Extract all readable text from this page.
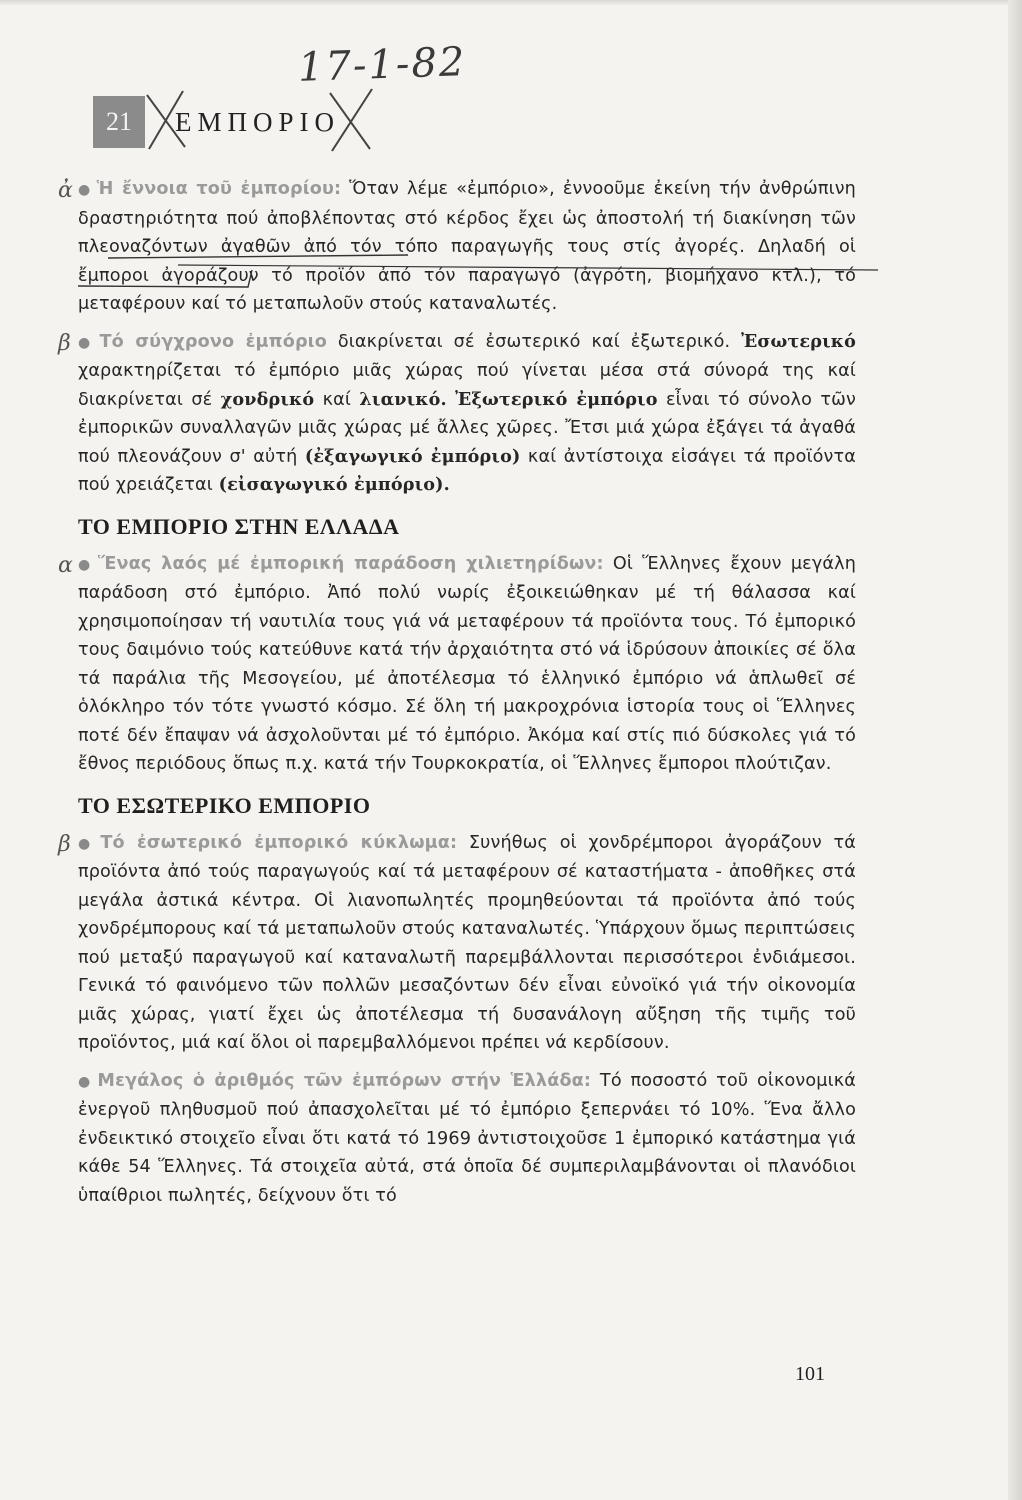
17-1-82
21	ΕΜΠΟΡΙΟ

ἀ ● Ἡ ἔννοια τοῦ ἐμπορίου: Ὅταν λέμε «ἐμπόριο», ἐννοοῦμε ἐκείνη τήν ἀνθρώπινη δραστηριότητα πού ἀποβλέποντας στό κέρδος ἔχει ὡς ἀποστολή τή διακίνηση τῶν πλεοναζόντων ἀγαθῶν ἀπό τόν τόπο παραγωγῆς τους στίς ἀγορές. Δηλαδή οἱ ἔμποροι ἀγοράζουν τό προϊόν ἀπό τόν παραγωγό (ἀγρότη, βιομήχανο κτλ.), τό μεταφέρουν καί τό μεταπωλοῦν στούς καταναλωτές.

β ● Τό σύγχρονο ἐμπόριο διακρίνεται σέ ἐσωτερικό καί ἐξωτερικό. Ἐσωτερικό χαρακτηρίζεται τό ἐμπόριο μιᾶς χώρας πού γίνεται μέσα στά σύνορά της καί διακρίνεται σέ χονδρικό καί λιανικό. Ἐξωτερικό ἐμπόριο εἶναι τό σύνολο τῶν ἐμπορικῶν συναλλαγῶν μιᾶς χώρας μέ ἄλλες χῶρες. Ἔτσι μιά χώρα ἐξάγει τά ἀγαθά πού πλεονάζουν σ' αὐτή (ἐξαγωγικό ἐμπόριο) καί ἀντίστοιχα εἰσάγει τά προϊόντα πού χρειάζεται (εἰσαγωγικό ἐμπόριο).

ΤΟ ΕΜΠΟΡΙΟ ΣΤΗΝ ΕΛΛΑΔΑ

α ● Ἕνας λαός μέ ἐμπορική παράδοση χιλιετηρίδων: Οἱ Ἕλληνες ἔχουν μεγάλη παράδοση στό ἐμπόριο. Ἀπό πολύ νωρίς ἐξοικειώθηκαν μέ τή θάλασσα καί χρησιμοποίησαν τή ναυτιλία τους γιά νά μεταφέρουν τά προϊόντα τους. Τό ἐμπορικό τους δαιμόνιο τούς κατεύθυνε κατά τήν ἀρχαιότητα στό νά ἱδρύσουν ἀποικίες σέ ὅλα τά παράλια τῆς Μεσογείου, μέ ἀποτέλεσμα τό ἑλληνικό ἐμπόριο νά ἁπλωθεῖ σέ ὁλόκληρο τόν τότε γνωστό κόσμο. Σέ ὅλη τή μακροχρόνια ἱστορία τους οἱ Ἕλληνες ποτέ δέν ἔπαψαν νά ἀσχολοῦνται μέ τό ἐμπόριο. Ἀκόμα καί στίς πιό δύσκολες γιά τό ἔθνος περιόδους ὅπως π.χ. κατά τήν Τουρκοκρατία, οἱ Ἕλληνες ἔμποροι πλούτιζαν.

ΤΟ ΕΣΩΤΕΡΙΚΟ ΕΜΠΟΡΙΟ

β ● Τό ἐσωτερικό ἐμπορικό κύκλωμα: Συνήθως οἱ χονδρέμποροι ἀγοράζουν τά προϊόντα ἀπό τούς παραγωγούς καί τά μεταφέρουν σέ καταστήματα - ἀποθῆκες στά μεγάλα ἀστικά κέντρα. Οἱ λιανοπωλητές προμηθεύονται τά προϊόντα ἀπό τούς χονδρέμπορους καί τά μεταπωλοῦν στούς καταναλωτές. Ὑπάρχουν ὅμως περιπτώσεις πού μεταξύ παραγωγοῦ καί καταναλωτῆ παρεμβάλλονται περισσότεροι ἐνδιάμεσοι. Γενικά τό φαινόμενο τῶν πολλῶν μεσαζόντων δέν εἶναι εὐνοϊκό γιά τήν οἰκονομία μιᾶς χώρας, γιατί ἔχει ὡς ἀποτέλεσμα τή δυσανάλογη αὔξηση τῆς τιμῆς τοῦ προϊόντος, μιά καί ὅλοι οἱ παρεμβαλλόμενοι πρέπει νά κερδίσουν.

● Μεγάλος ὁ ἀριθμός τῶν ἐμπόρων στήν Ἑλλάδα: Τό ποσοστό τοῦ οἰκονομικά ἐνεργοῦ πληθυσμοῦ πού ἀπασχολεῖται μέ τό ἐμπόριο ξεπερνάει τό 10%. Ἕνα ἄλλο ἐνδεικτικό στοιχεῖο εἶναι ὅτι κατά τό 1969 ἀντιστοιχοῦσε 1 ἐμπορικό κατάστημα γιά κάθε 54 Ἕλληνες. Τά στοιχεῖα αὐτά, στά ὁποῖα δέ συμπεριλαμβάνονται οἱ πλανόδιοι ὑπαίθριοι πωλητές, δείχνουν ὅτι τό

101
